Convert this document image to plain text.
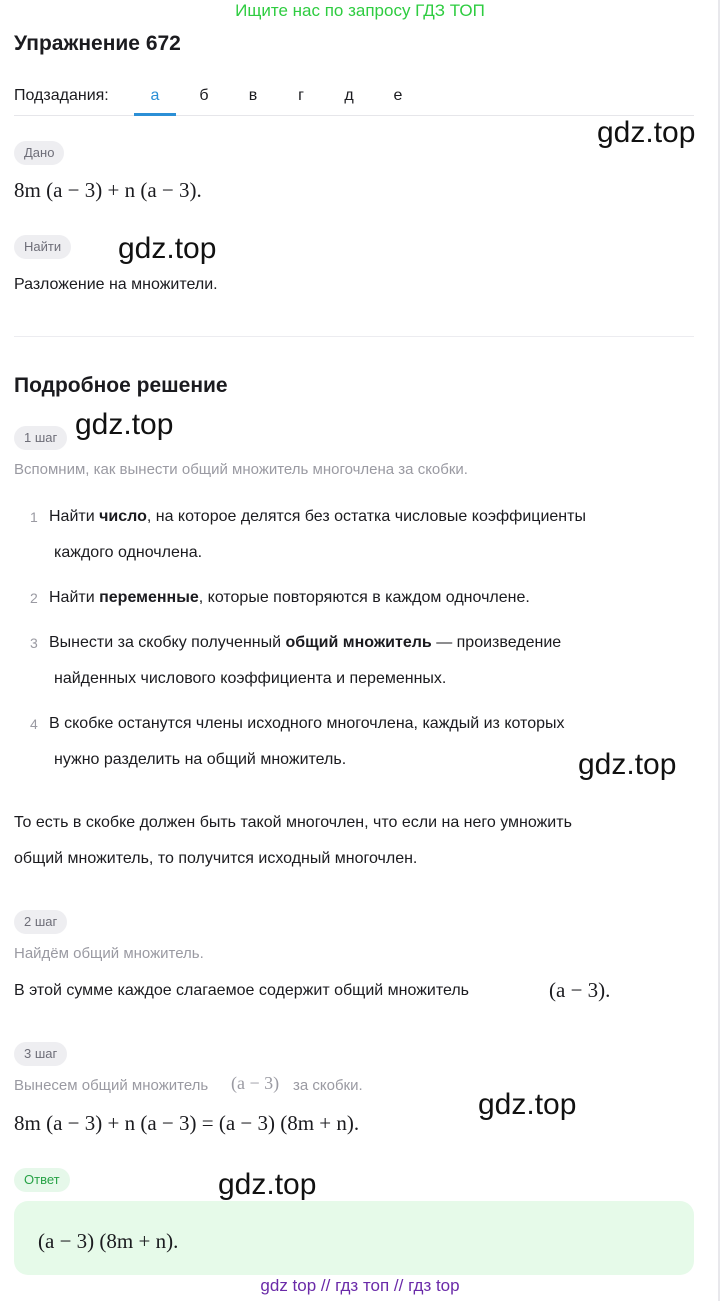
Ищите нас по запросу ГДЗ ТОП
Упражнение 672
Подзадания:	а	б	в	г	д	е
gdz.top
Дано
8m (a − 3) + n (a − 3).
Найти	gdz.top
Разложение на множители.
Подробное решение
1 шаг gdz.top
Вспомним, как вынести общий множитель многочлена за скобки.
1 Найти число, на которое делятся без остатка числовые коэффициенты
каждого одночлена.
2 Найти переменные, которые повторяются в каждом одночлене.
3 Вынести за скобку полученный общий множитель — произведение
найденных числового коэффициента и переменных.
4 В скобке останутся члены исходного многочлена, каждый из которых
нужно разделить на общий множитель.	gdz.top
То есть в скобке должен быть такой многочлен, что если на него умножить
общий множитель, то получится исходный многочлен.
2 шаг
Найдём общий множитель.
В этой сумме каждое слагаемое содержит общий множитель	(a − 3).
3 шаг
Вынесем общий множитель (a − 3) за скобки.
8m (a − 3) + n (a − 3) = (a − 3) (8m + n).
gdz.top
Ответ	gdz.top
(a − 3) (8m + n).
gdz top // гдз топ // гдз top
